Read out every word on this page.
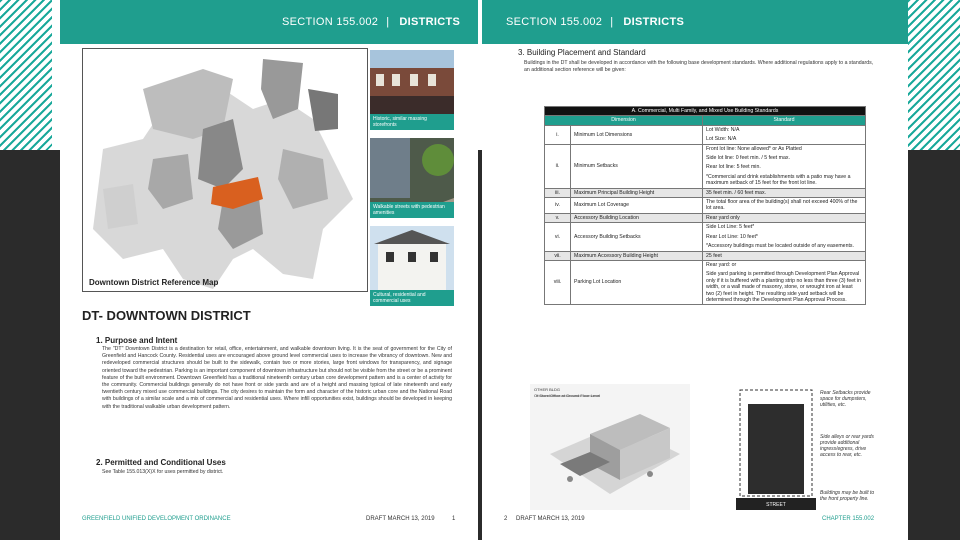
SECTION 155.002 | DISTRICTS
Downtown District Reference Map
Historic, similar massing storefronts
Walkable streets with pedestrian amenities
Cultural, residential and commercial uses
DT- DOWNTOWN DISTRICT
1. Purpose and Intent
The "DT" Downtown District is a destination for retail, office, entertainment, and walkable downtown living. It is the seat of government for the City of Greenfield and Hancock County. Residential uses are encouraged above ground level commercial uses to increase the vibrancy of downtown. New and redeveloped commercial structures should be built to the sidewalk, contain two or more stories, large front windows for transparency, and signage oriented toward the pedestrian. Parking is an important component of downtown infrastructure but should not be visible from the street or be a prominent feature of the built environment. Downtown Greenfield has a traditional nineteenth century urban core development pattern and is a center of activity for the community. Commercial buildings generally do not have front or side yards and are of a height and massing typical of late nineteenth and early twentieth century mixed use commercial buildings. The city desires to maintain the form and character of the historic urban core and the National Road with buildings of a similar scale and a mix of commercial and residential uses. Where infill opportunities exist, buildings should be developed in keeping with the traditional walkable urban development pattern.
2. Permitted and Conditional Uses
See Table 155.013(X)X for uses permitted by district.
GREENFIELD UNIFIED DEVELOPMENT ORDINANCE	DRAFT MARCH 13, 2019	1
SECTION 155.002 | DISTRICTS
3. Building Placement and Standard
Buildings in the DT shall be developed in accordance with the following base development standards. Where additional regulations apply to a standards, an additional section reference will be given:
A. Commercial, Multi Family, and Mixed Use Building Standards		
Dimension		Standard
i.	Minimum Lot Dimensions	Lot Width: N/A
Lot Size: N/A

ii.	Minimum Setbacks	Front lot line: None allowed* or As Platted
Side lot line: 0 feet min. / 5 feet max.
Rear lot line: 5 feet min.
*Commercial and drink establishments with a patio may have a maximum setback of 15 feet for the front lot line.

iii.	Maximum Principal Building Height	35 feet min. / 60 feet max.

iv.	Maximum Lot Coverage	The total floor area of the building(s) shall not exceed 400% of the lot area.

v.	Accessory Building Location	Rear yard only

vi.	Accessory Building Setbacks	Side Lot Line: 5 feet*
Rear Lot Line: 10 feet*
*Accessory buildings must be located outside of any easements.

vii.	Maximum Accessory Building Height	25 feet

viii.	Parking Lot Location	Rear yard: or
Side yard parking is permitted through Development Plan Approval only if it is buffered with a planting strip no less than three (3) feet in width, or a wall made of masonry, stone, or wrought iron at least two (2) feet in height. The resulting side yard setback will be determined through the Development Plan Approval Process.
OTHER BLDG
Of Store/Office at Ground Floor Level
STREET
Rear Setbacks provide space for dumpsters, utilities, etc.
Side alleys or rear yards provide additional ingress/egress, drive access to rear, etc.
Buildings may be built to the front property line.
2 DRAFT MARCH 13, 2019	CHAPTER 155.002
